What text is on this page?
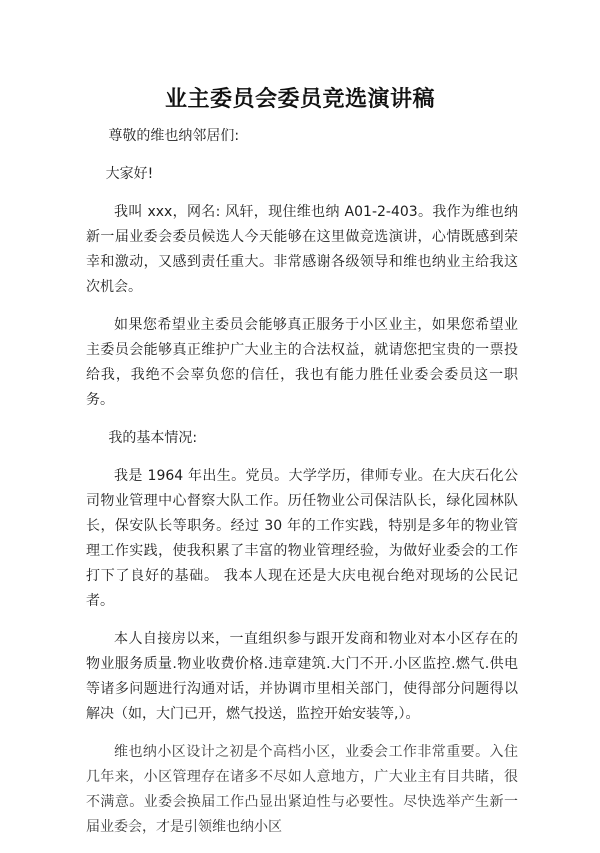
业主委员会委员竞选演讲稿

尊敬的维也纳邻居们:

大家好!

我叫 xxx，网名: 风轩，现住维也纳 A01-2-403。我作为维也纳新一届业委会委员候选人今天能够在这里做竞选演讲，心情既感到荣幸和激动，又感到责任重大。非常感谢各级领导和维也纳业主给我这次机会。

如果您希望业主委员会能够真正服务于小区业主，如果您希望业主委员会能够真正维护广大业主的合法权益，就请您把宝贵的一票投给我，我绝不会辜负您的信任，我也有能力胜任业委会委员这一职务。

我的基本情况:

我是 1964 年出生。党员。大学学历，律师专业。在大庆石化公司物业管理中心督察大队工作。历任物业公司保洁队长，绿化园林队长，保安队长等职务。经过 30 年的工作实践，特别是多年的物业管理工作实践，使我积累了丰富的物业管理经验，为做好业委会的工作打下了良好的基础。 我本人现在还是大庆电视台绝对现场的公民记者。

本人自接房以来，一直组织参与跟开发商和物业对本小区存在的物业服务质量.物业收费价格.违章建筑.大门不开.小区监控.燃气.供电等诸多问题进行沟通对话，并协调市里相关部门，使得部分问题得以解决（如，大门已开，燃气投送，监控开始安装等,）。

维也纳小区设计之初是个高档小区，业委会工作非常重要。入住几年来，小区管理存在诸多不尽如人意地方，广大业主有目共睹，很不满意。业委会换届工作凸显出紧迫性与必要性。尽快选举产生新一届业委会，才是引领维也纳小区
